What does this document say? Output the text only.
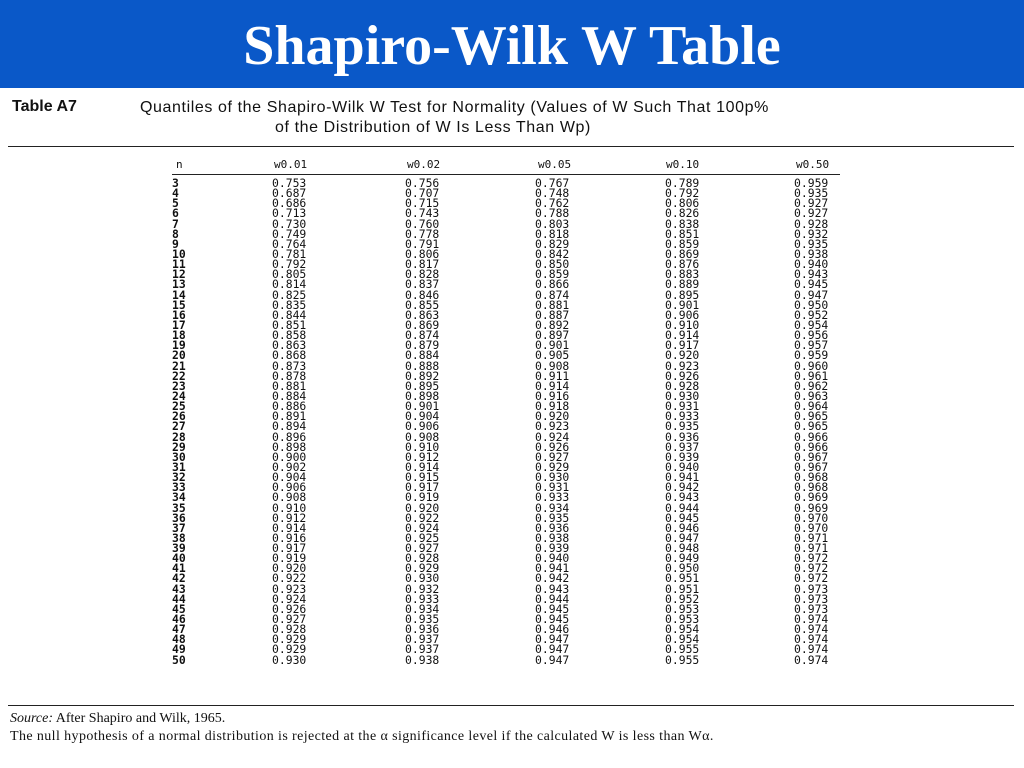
Shapiro-Wilk W Table
Table A7	Quantiles of the Shapiro-Wilk W Test for Normality (Values of W Such That 100p%
of the Distribution of W Is Less Than Wp)
n	w0.01	w0.02	w0.05	w0.10	w0.50
3	0.753	0.756	0.767	0.789	0.959
4	0.687	0.707	0.748	0.792	0.935
5	0.686	0.715	0.762	0.806	0.927
6	0.713	0.743	0.788	0.826	0.927
7	0.730	0.760	0.803	0.838	0.928
8	0.749	0.778	0.818	0.851	0.932
9	0.764	0.791	0.829	0.859	0.935
10	0.781	0.806	0.842	0.869	0.938
11	0.792	0.817	0.850	0.876	0.940
12	0.805	0.828	0.859	0.883	0.943
13	0.814	0.837	0.866	0.889	0.945
14	0.825	0.846	0.874	0.895	0.947
15	0.835	0.855	0.881	0.901	0.950
16	0.844	0.863	0.887	0.906	0.952
17	0.851	0.869	0.892	0.910	0.954
18	0.858	0.874	0.897	0.914	0.956
19	0.863	0.879	0.901	0.917	0.957
20	0.868	0.884	0.905	0.920	0.959
21	0.873	0.888	0.908	0.923	0.960
22	0.878	0.892	0.911	0.926	0.961
23	0.881	0.895	0.914	0.928	0.962
24	0.884	0.898	0.916	0.930	0.963
25	0.886	0.901	0.918	0.931	0.964
26	0.891	0.904	0.920	0.933	0.965
27	0.894	0.906	0.923	0.935	0.965
28	0.896	0.908	0.924	0.936	0.966
29	0.898	0.910	0.926	0.937	0.966
30	0.900	0.912	0.927	0.939	0.967
31	0.902	0.914	0.929	0.940	0.967
32	0.904	0.915	0.930	0.941	0.968
33	0.906	0.917	0.931	0.942	0.968
34	0.908	0.919	0.933	0.943	0.969
35	0.910	0.920	0.934	0.944	0.969
36	0.912	0.922	0.935	0.945	0.970
37	0.914	0.924	0.936	0.946	0.970
38	0.916	0.925	0.938	0.947	0.971
39	0.917	0.927	0.939	0.948	0.971
40	0.919	0.928	0.940	0.949	0.972
41	0.920	0.929	0.941	0.950	0.972
42	0.922	0.930	0.942	0.951	0.972
43	0.923	0.932	0.943	0.951	0.973
44	0.924	0.933	0.944	0.952	0.973
45	0.926	0.934	0.945	0.953	0.973
46	0.927	0.935	0.945	0.953	0.974
47	0.928	0.936	0.946	0.954	0.974
48	0.929	0.937	0.947	0.954	0.974
49	0.929	0.937	0.947	0.955	0.974
50	0.930	0.938	0.947	0.955	0.974
Source: After Shapiro and Wilk, 1965.
The null hypothesis of a normal distribution is rejected at the α significance level if the calculated W is less than Wα.
